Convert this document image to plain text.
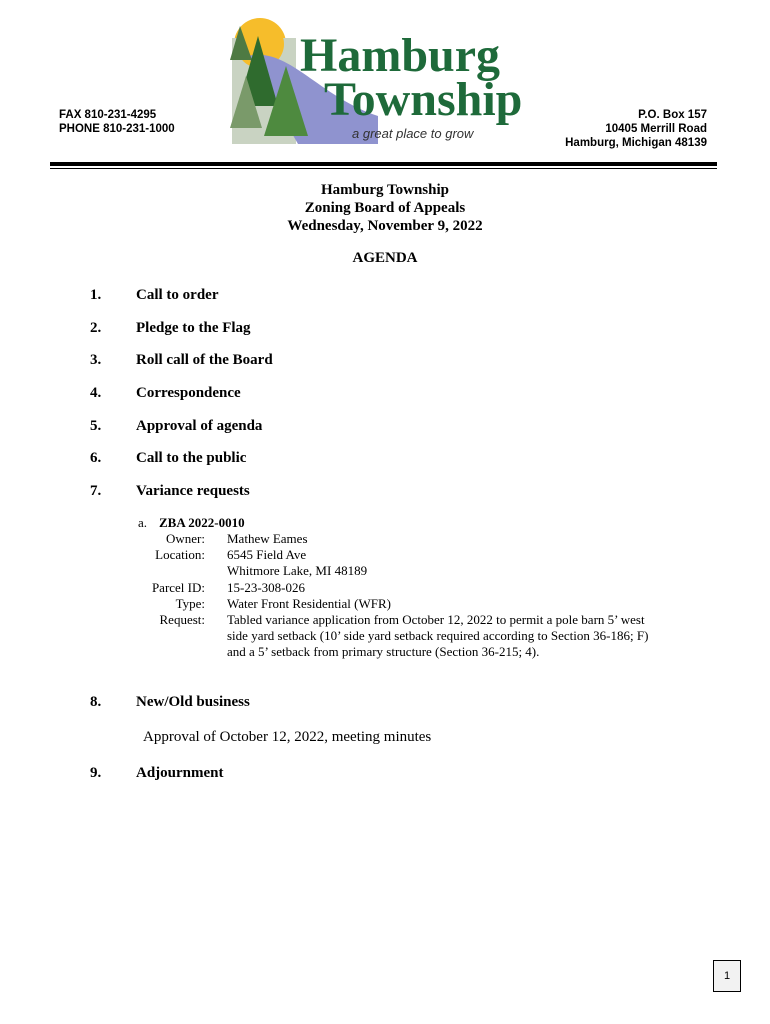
FAX 810-231-4295
PHONE 810-231-1000
P.O. Box 157
10405 Merrill Road
Hamburg, Michigan 48139
Hamburg
Township
a great place to grow
Hamburg Township
Zoning Board of Appeals
Wednesday, November 9, 2022
AGENDA
1. Call to order
2. Pledge to the Flag
3. Roll call of the Board
4. Correspondence
5. Approval of agenda
6. Call to the public
7. Variance requests
a. ZBA 2022-0010
Owner: Mathew Eames
Location: 6545 Field Ave
Whitmore Lake, MI 48189
Parcel ID: 15-23-308-026
Type: Water Front Residential (WFR)
Request: Tabled variance application from October 12, 2022 to permit a pole barn 5’ west
side yard setback (10’ side yard setback required according to Section 36-186; F)
and a 5’ setback from primary structure (Section 36-215; 4).
8. New/Old business
Approval of October 12, 2022, meeting minutes
9. Adjournment
1
